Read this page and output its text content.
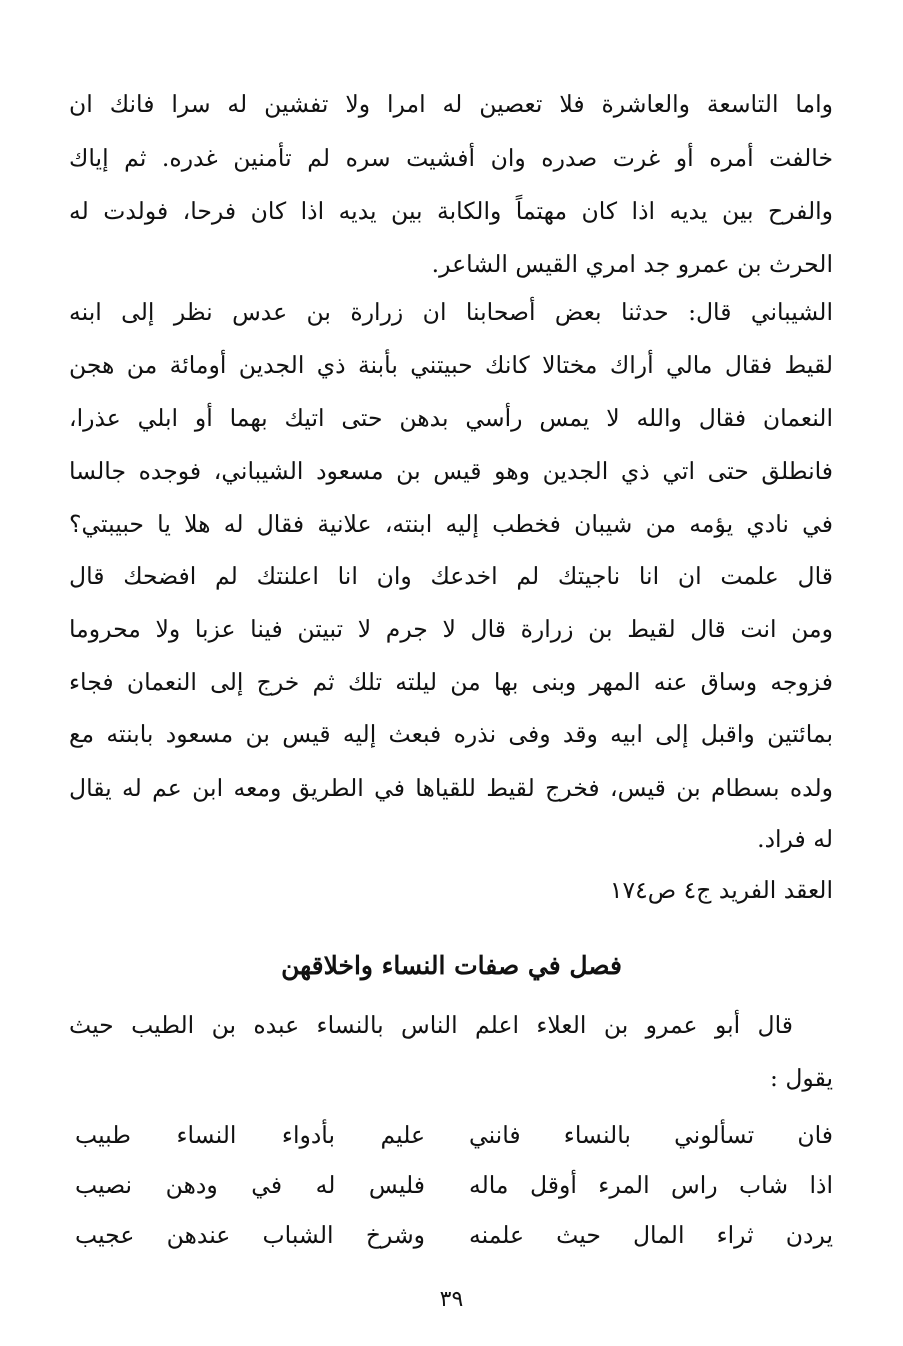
واما التاسعة والعاشرة فلا تعصين له امرا ولا تفشين له سرا فانك ان
خالفت أمره أو غرت صدره وان أفشيت سره لم تأمنين غدره. ثم إياك
والفرح بين يديه اذا كان مهتماً والكابة بين يديه اذا كان فرحا، فولدت له
الحرث بن عمرو جد امري القيس الشاعر.
الشيباني قال: حدثنا بعض أصحابنا ان زرارة بن عدس نظر إلى ابنه
لقيط فقال مالي أراك مختالا كانك حبيتني بأبنة ذي الجدين أومائة من هجن
النعمان فقال والله لا يمس رأسي بدهن حتى اتيك بهما أو ابلي عذرا،
فانطلق حتى اتي ذي الجدين وهو قيس بن مسعود الشيباني، فوجده جالسا
في نادي يؤمه من شيبان فخطب إليه ابنته، علانية فقال له هلا يا حبيبتي؟
قال علمت ان انا ناجيتك لم اخدعك وان انا اعلنتك لم افضحك قال
ومن انت قال لقيط بن زرارة قال لا جرم لا تبيتن فينا عزبا ولا محروما
فزوجه وساق عنه المهر وبنى بها من ليلته تلك ثم خرج إلى النعمان فجاء
بمائتين واقبل إلى ابيه وقد وفى نذره فبعث إليه قيس بن مسعود بابنته مع
ولده بسطام بن قيس، فخرج لقيط للقياها في الطريق ومعه ابن عم له يقال
له فراد.
العقد الفريد ج٤ ص١٧٤
فصل في صفات النساء واخلاقهن
قال أبو عمرو بن العلاء اعلم الناس بالنساء عبده بن الطيب حيث
يقول :
فان تسألوني بالنساء فانني
عليم بأدواء النساء طبيب
اذا شاب راس المرء أوقل ماله
فليس له في ودهن نصيب
يردن ثراء المال حيث علمنه
وشرخ الشباب عندهن عجيب
٣٩
